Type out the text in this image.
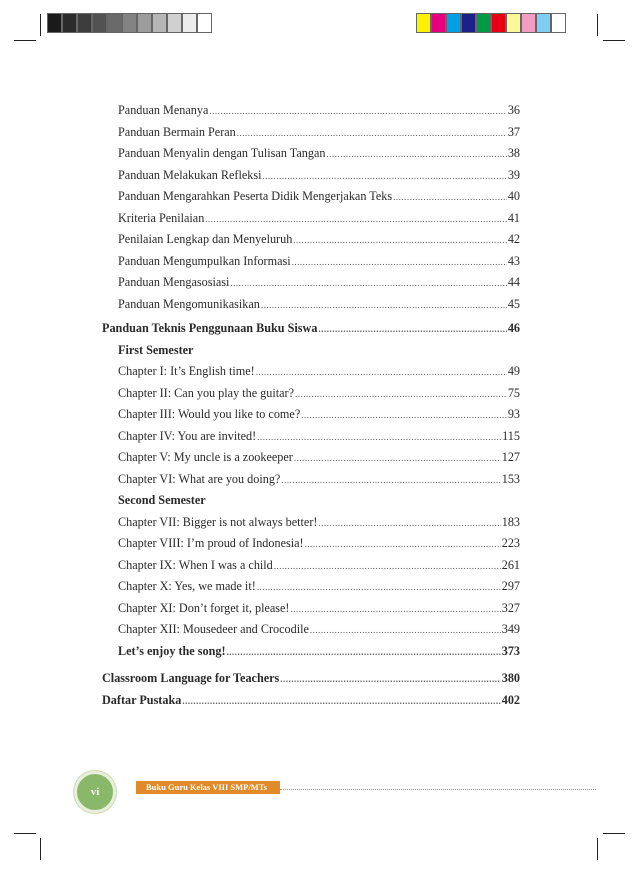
Panduan Menanya .....	36
Panduan Bermain Peran .....	37
Panduan Menyalin dengan Tulisan Tangan .....	38
Panduan Melakukan Refleksi .....	39
Panduan Mengarahkan Peserta Didik Mengerjakan Teks .....	40
Kriteria Penilaian .....	41
Penilaian Lengkap dan Menyeluruh .....	42
Panduan Mengumpulkan Informasi .....	43
Panduan Mengasosiasi .....	44
Panduan Mengomunikasikan .....	45
Panduan Teknis Penggunaan Buku Siswa .....	46
First Semester
Chapter I: It’s English time! .....	49
Chapter II: Can you play the guitar? .....	75
Chapter III: Would you like to come? .....	93
Chapter IV: You are invited! .....	115
Chapter V: My uncle is a zookeeper .....	127
Chapter VI: What are you doing? .....	153
Second Semester
Chapter VII: Bigger is not always better! .....	183
Chapter VIII: I’m proud of Indonesia! .....	223
Chapter IX: When I was a child .....	261
Chapter X: Yes, we made it! .....	297
Chapter XI: Don’t forget it, please! .....	327
Chapter XII: Mousedeer and Crocodile .....	349
Let’s enjoy the song! .....	373
Classroom Language for Teachers .....	380
Daftar Pustaka .....	402
vi	Buku Guru Kelas VIII SMP/MTs
